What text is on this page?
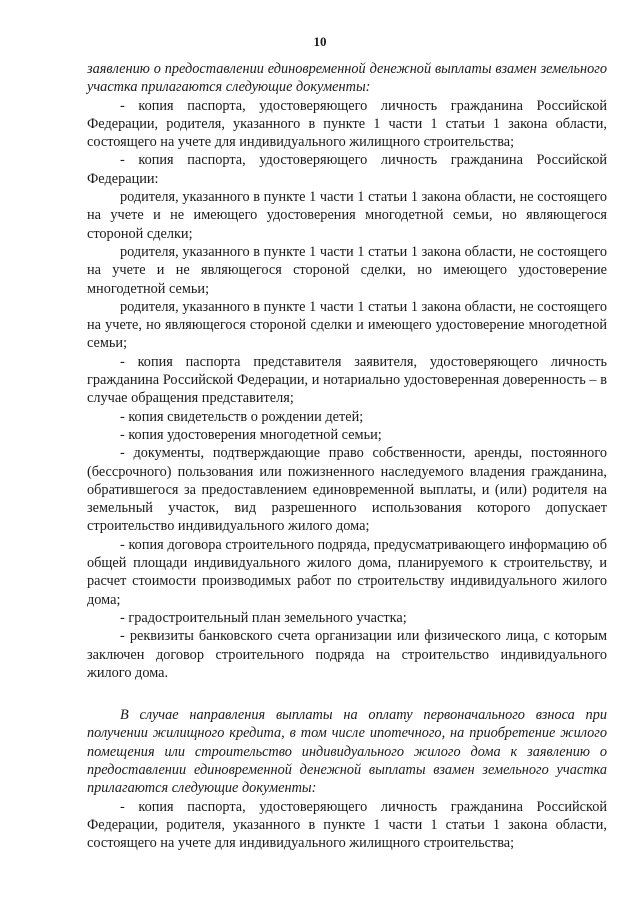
10

заявлению о предоставлении единовременной денежной выплаты взамен земельного участка прилагаются следующие документы:

- копия паспорта, удостоверяющего личность гражданина Российской Федерации, родителя, указанного в пункте 1 части 1 статьи 1 закона области, состоящего на учете для индивидуального жилищного строительства;

- копия паспорта, удостоверяющего личность гражданина Российской Федерации:

родителя, указанного в пункте 1 части 1 статьи 1 закона области, не состоящего на учете и не имеющего удостоверения многодетной семьи, но являющегося стороной сделки;

родителя, указанного в пункте 1 части 1 статьи 1 закона области, не состоящего на учете и не являющегося стороной сделки, но имеющего удостоверение многодетной семьи;

родителя, указанного в пункте 1 части 1 статьи 1 закона области, не состоящего на учете, но являющегося стороной сделки и имеющего удостоверение многодетной семьи;

- копия паспорта представителя заявителя, удостоверяющего личность гражданина Российской Федерации, и нотариально удостоверенная доверенность – в случае обращения представителя;

- копия свидетельств о рождении детей;

- копия удостоверения многодетной семьи;

- документы, подтверждающие право собственности, аренды, постоянного (бессрочного) пользования или пожизненного наследуемого владения гражданина, обратившегося за предоставлением единовременной выплаты, и (или) родителя на земельный участок, вид разрешенного использования которого допускает строительство индивидуального жилого дома;

- копия договора строительного подряда, предусматривающего информацию об общей площади индивидуального жилого дома, планируемого к строительству, и расчет стоимости производимых работ по строительству индивидуального жилого дома;

- градостроительный план земельного участка;

- реквизиты банковского счета организации или физического лица, с которым заключен договор строительного подряда на строительство индивидуального жилого дома.

В случае направления выплаты на оплату первоначального взноса при получении жилищного кредита, в том числе ипотечного, на приобретение жилого помещения или строительство индивидуального жилого дома к заявлению о предоставлении единовременной денежной выплаты взамен земельного участка прилагаются следующие документы:

- копия паспорта, удостоверяющего личность гражданина Российской Федерации, родителя, указанного в пункте 1 части 1 статьи 1 закона области, состоящего на учете для индивидуального жилищного строительства;
